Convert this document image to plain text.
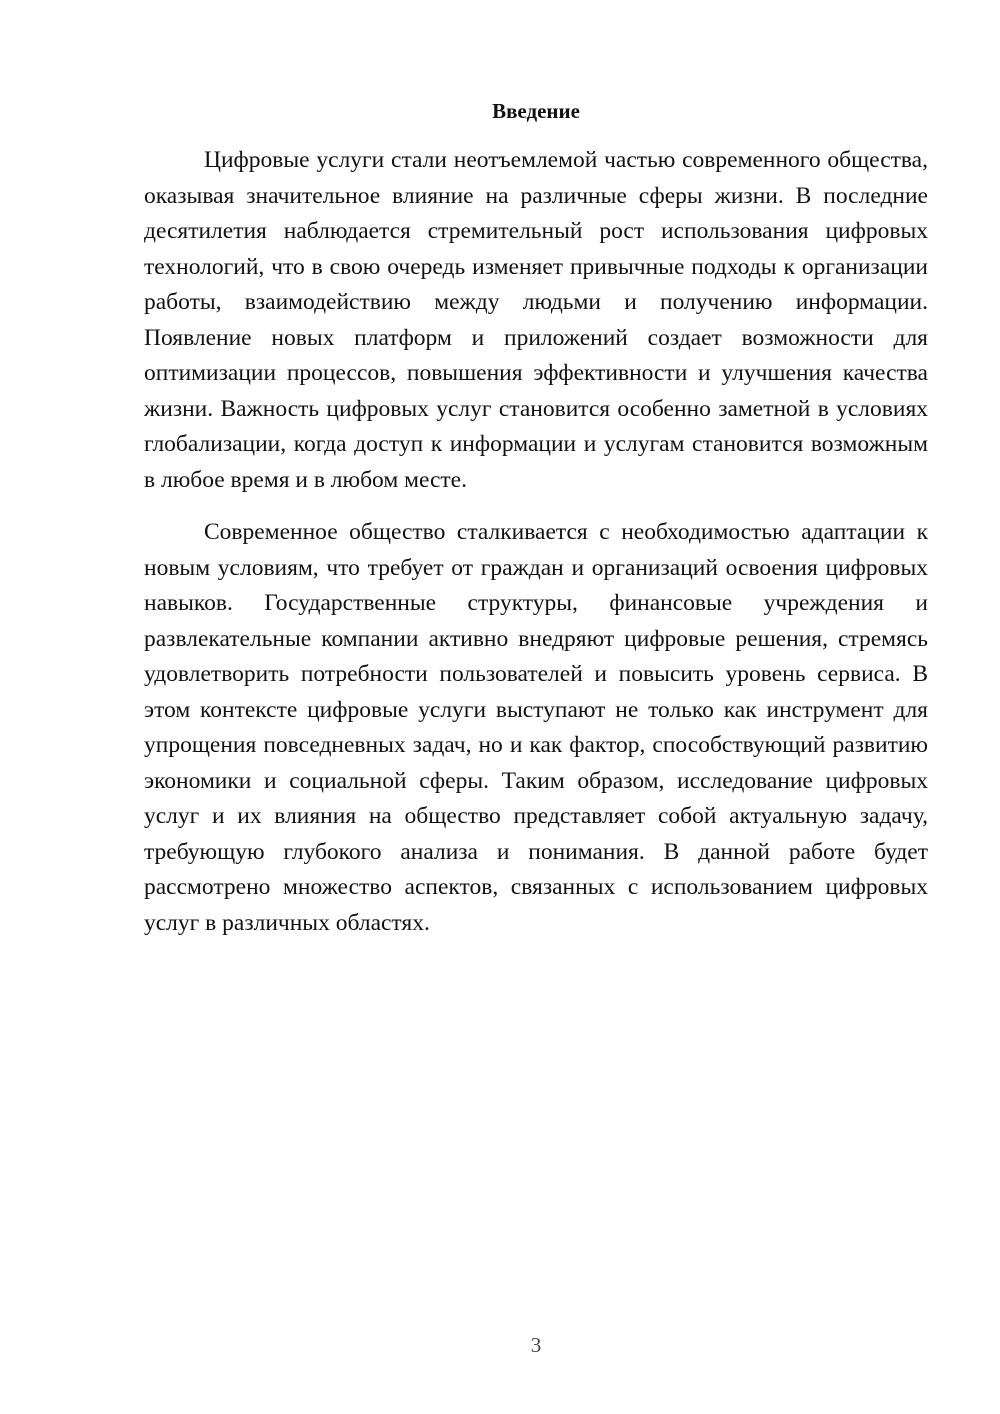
Введение

Цифровые услуги стали неотъемлемой частью современного общества, оказывая значительное влияние на различные сферы жизни. В последние десятилетия наблюдается стремительный рост использования цифровых технологий, что в свою очередь изменяет привычные подходы к организации работы, взаимодействию между людьми и получению информации. Появление новых платформ и приложений создает возможности для оптимизации процессов, повышения эффективности и улучшения качества жизни. Важность цифровых услуг становится особенно заметной в условиях глобализации, когда доступ к информации и услугам становится возможным в любое время и в любом месте.

Современное общество сталкивается с необходимостью адаптации к новым условиям, что требует от граждан и организаций освоения цифровых навыков. Государственные структуры, финансовые учреждения и развлекательные компании активно внедряют цифровые решения, стремясь удовлетворить потребности пользователей и повысить уровень сервиса. В этом контексте цифровые услуги выступают не только как инструмент для упрощения повседневных задач, но и как фактор, способствующий развитию экономики и социальной сферы. Таким образом, исследование цифровых услуг и их влияния на общество представляет собой актуальную задачу, требующую глубокого анализа и понимания. В данной работе будет рассмотрено множество аспектов, связанных с использованием цифровых услуг в различных областях.

3
